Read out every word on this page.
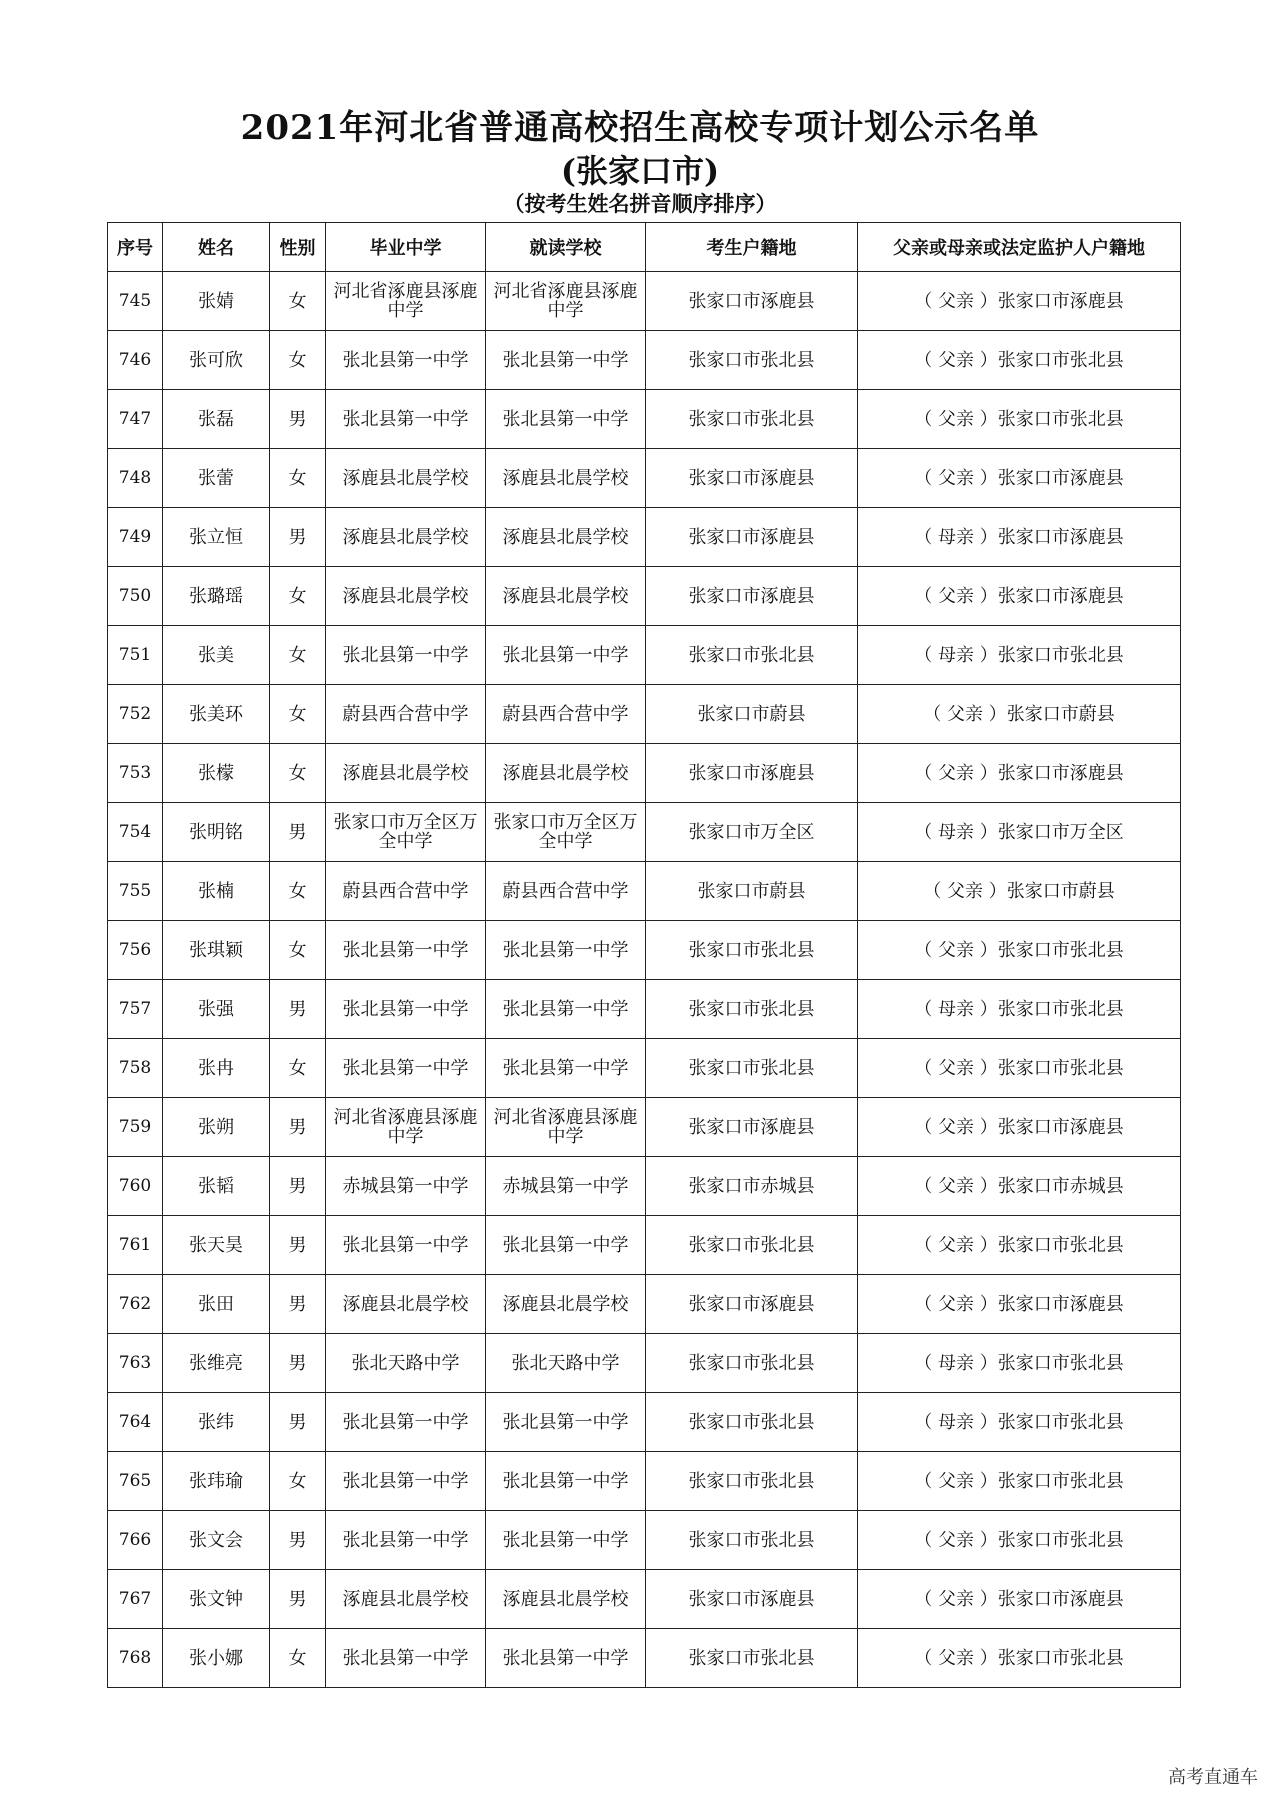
2021年河北省普通高校招生高校专项计划公示名单
(张家口市)
（按考生姓名拼音顺序排序）
序号	姓名	性别	毕业中学	就读学校	考生户籍地	父亲或母亲或法定监护人户籍地
745	张婧	女	河北省涿鹿县涿鹿中学	河北省涿鹿县涿鹿中学	张家口市涿鹿县	（ 父亲 ）张家口市涿鹿县
746	张可欣	女	张北县第一中学	张北县第一中学	张家口市张北县	（ 父亲 ）张家口市张北县
747	张磊	男	张北县第一中学	张北县第一中学	张家口市张北县	（ 父亲 ）张家口市张北县
748	张蕾	女	涿鹿县北晨学校	涿鹿县北晨学校	张家口市涿鹿县	（ 父亲 ）张家口市涿鹿县
749	张立恒	男	涿鹿县北晨学校	涿鹿县北晨学校	张家口市涿鹿县	（ 母亲 ）张家口市涿鹿县
750	张璐瑶	女	涿鹿县北晨学校	涿鹿县北晨学校	张家口市涿鹿县	（ 父亲 ）张家口市涿鹿县
751	张美	女	张北县第一中学	张北县第一中学	张家口市张北县	（ 母亲 ）张家口市张北县
752	张美环	女	蔚县西合营中学	蔚县西合营中学	张家口市蔚县	（ 父亲 ）张家口市蔚县
753	张檬	女	涿鹿县北晨学校	涿鹿县北晨学校	张家口市涿鹿县	（ 父亲 ）张家口市涿鹿县
754	张明铭	男	张家口市万全区万全中学	张家口市万全区万全中学	张家口市万全区	（ 母亲 ）张家口市万全区
755	张楠	女	蔚县西合营中学	蔚县西合营中学	张家口市蔚县	（ 父亲 ）张家口市蔚县
756	张琪颖	女	张北县第一中学	张北县第一中学	张家口市张北县	（ 父亲 ）张家口市张北县
757	张强	男	张北县第一中学	张北县第一中学	张家口市张北县	（ 母亲 ）张家口市张北县
758	张冉	女	张北县第一中学	张北县第一中学	张家口市张北县	（ 父亲 ）张家口市张北县
759	张朔	男	河北省涿鹿县涿鹿中学	河北省涿鹿县涿鹿中学	张家口市涿鹿县	（ 父亲 ）张家口市涿鹿县
760	张韬	男	赤城县第一中学	赤城县第一中学	张家口市赤城县	（ 父亲 ）张家口市赤城县
761	张天昊	男	张北县第一中学	张北县第一中学	张家口市张北县	（ 父亲 ）张家口市张北县
762	张田	男	涿鹿县北晨学校	涿鹿县北晨学校	张家口市涿鹿县	（ 父亲 ）张家口市涿鹿县
763	张维亮	男	张北天路中学	张北天路中学	张家口市张北县	（ 母亲 ）张家口市张北县
764	张纬	男	张北县第一中学	张北县第一中学	张家口市张北县	（ 母亲 ）张家口市张北县
765	张玮瑜	女	张北县第一中学	张北县第一中学	张家口市张北县	（ 父亲 ）张家口市张北县
766	张文会	男	张北县第一中学	张北县第一中学	张家口市张北县	（ 父亲 ）张家口市张北县
767	张文钟	男	涿鹿县北晨学校	涿鹿县北晨学校	张家口市涿鹿县	（ 父亲 ）张家口市涿鹿县
768	张小娜	女	张北县第一中学	张北县第一中学	张家口市张北县	（ 父亲 ）张家口市张北县
高考直通车
